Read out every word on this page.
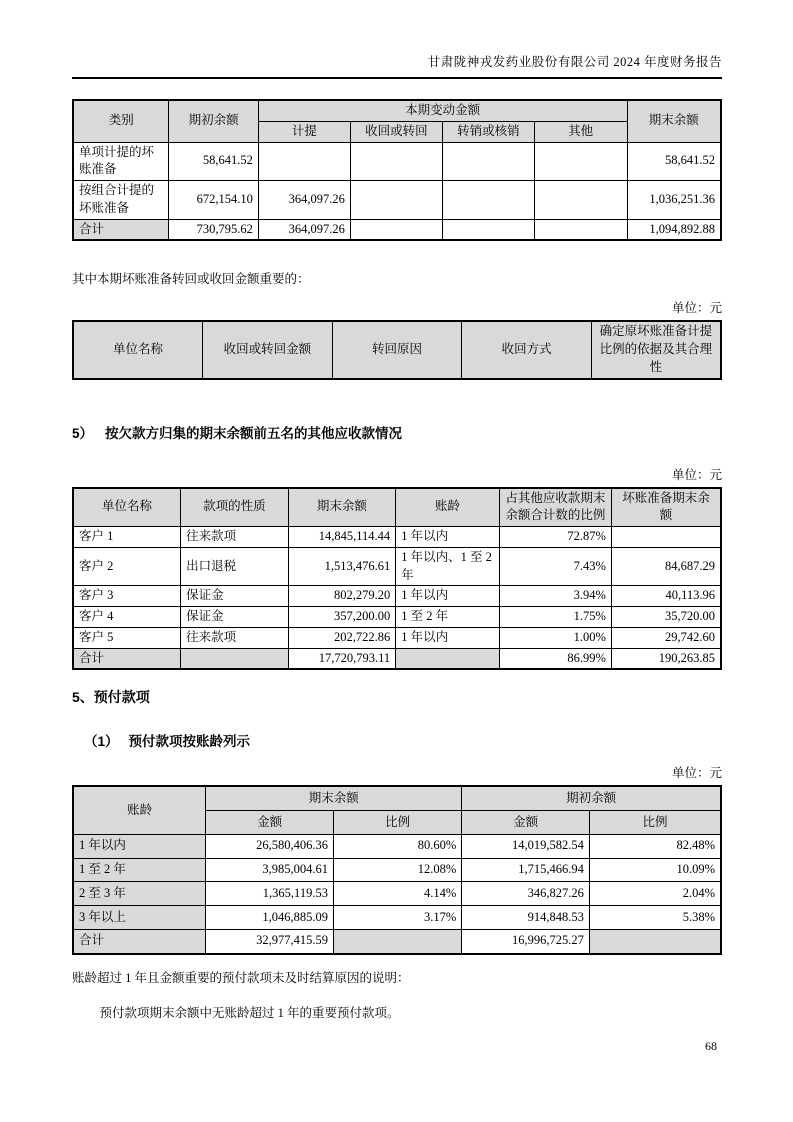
甘肃陇神戎发药业股份有限公司 2024 年度财务报告
类别	期初余额	本期变动金额				期末余额
		计提	收回或转回	转销或核销	其他	
单项计提的坏账准备	58,641.52					58,641.52
按组合计提的坏账准备	672,154.10	364,097.26				1,036,251.36
合计	730,795.62	364,097.26				1,094,892.88
其中本期坏账准备转回或收回金额重要的：
单位：元
单位名称	收回或转回金额	转回原因	收回方式	确定原坏账准备计提比例的依据及其合理性
5） 按欠款方归集的期末余额前五名的其他应收款情况
单位：元
单位名称	款项的性质	期末余额	账龄	占其他应收款期末余额合计数的比例	坏账准备期末余额
客户 1	往来款项	14,845,114.44	1 年以内	72.87%	
客户 2	出口退税	1,513,476.61	1 年以内、1 至 2 年	7.43%	84,687.29
客户 3	保证金	802,279.20	1 年以内	3.94%	40,113.96
客户 4	保证金	357,200.00	1 至 2 年	1.75%	35,720.00
客户 5	往来款项	202,722.86	1 年以内	1.00%	29,742.60
合计		17,720,793.11		86.99%	190,263.85
5、预付款项
（1） 预付款项按账龄列示
单位：元
账龄	期末余额		期初余额	
	金额	比例	金额	比例
1 年以内	26,580,406.36	80.60%	14,019,582.54	82.48%
1 至 2 年	3,985,004.61	12.08%	1,715,466.94	10.09%
2 至 3 年	1,365,119.53	4.14%	346,827.26	2.04%
3 年以上	1,046,885.09	3.17%	914,848.53	5.38%
合计	32,977,415.59		16,996,725.27	
账龄超过 1 年且金额重要的预付款项未及时结算原因的说明：
预付款项期末余额中无账龄超过 1 年的重要预付款项。
68
